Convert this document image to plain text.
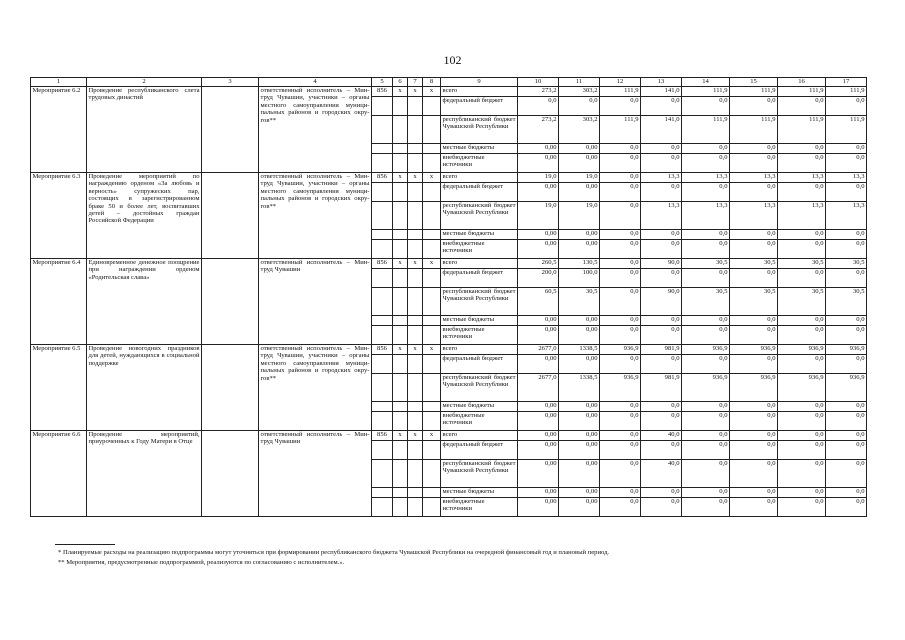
102
1	2	3	4	5	6	7	8	9	10	11	12	13	14	15	16	17
Мероприятие 6.2	Проведение республиканского слета трудовых династий		ответственный исполнитель – Минтруд Чувашии, участники – органы местного самоуправления муниципальных районов и городских округов**	856	x	x	x	всего	273,2	303,2	111,9	141,0	111,9	111,9	111,9	111,9
								федеральный бюджет	0,0	0,0	0,0	0,0	0,0	0,0	0,0	0,0
								республиканский бюджет Чувашской Республики	273,2	303,2	111,9	141,0	111,9	111,9	111,9	111,9
								местные бюджеты	0,00	0,00	0,0	0,0	0,0	0,0	0,0	0,0
								внебюджетные источники	0,00	0,00	0,0	0,0	0,0	0,0	0,0	0,0
Мероприятие 6.3	Проведение мероприятий по награждению орденом «За любовь и верность» супружеских пар, состоящих в зарегистрированном браке 50 и более лет, воспитавших детей – достойных граждан Российской Федерации		ответственный исполнитель – Минтруд Чувашии, участники – органы местного самоуправления муниципальных районов и городских округов**	856	x	x	x	всего	19,0	19,0	0,0	13,3	13,3	13,3	13,3	13,3
								федеральный бюджет	0,00	0,00	0,0	0,0	0,0	0,0	0,0	0,0
								республиканский бюджет Чувашской Республики	19,0	19,0	0,0	13,3	13,3	13,3	13,3	13,3
								местные бюджеты	0,00	0,00	0,0	0,0	0,0	0,0	0,0	0,0
								внебюджетные источники	0,00	0,00	0,0	0,0	0,0	0,0	0,0	0,0
Мероприятие 6.4	Единовременное денежное поощрение при награждении орденом «Родительская слава»		ответственный исполнитель – Минтруд Чувашии	856	x	x	x	всего	260,5	130,5	0,0	90,0	30,5	30,5	30,5	30,5
								федеральный бюджет	200,0	100,0	0,0	0,0	0,0	0,0	0,0	0,0
								республиканский бюджет Чувашской Республики	60,5	30,5	0,0	90,0	30,5	30,5	30,5	30,5
								местные бюджеты	0,00	0,00	0,0	0,0	0,0	0,0	0,0	0,0
								внебюджетные источники	0,00	0,00	0,0	0,0	0,0	0,0	0,0	0,0
Мероприятие 6.5	Проведение новогодних праздников для детей, нуждающихся в социальной поддержке		ответственный исполнитель – Минтруд Чувашии, участники – органы местного самоуправления муниципальных районов и городских округов**	856	x	x	x	всего	2677,0	1338,5	936,9	981,9	936,9	936,9	936,9	936,9
								федеральный бюджет	0,00	0,00	0,0	0,0	0,0	0,0	0,0	0,0
								республиканский бюджет Чувашской Республики	2677,0	1338,5	936,9	981,9	936,9	936,9	936,9	936,9
								местные бюджеты	0,00	0,00	0,0	0,0	0,0	0,0	0,0	0,0
								внебюджетные источники	0,00	0,00	0,0	0,0	0,0	0,0	0,0	0,0
Мероприятие 6.6	Проведение мероприятий, приуроченных к Году Матери в Отце		ответственный исполнитель – Минтруд Чувашии	856	x	x	x	всего	0,00	0,00	0,0	40,0	0,0	0,0	0,0	0,0
								федеральный бюджет	0,00	0,00	0,0	0,0	0,0	0,0	0,0	0,0
								республиканский бюджет Чувашской Республики	0,00	0,00	0,0	40,0	0,0	0,0	0,0	0,0
								местные бюджеты	0,00	0,00	0,0	0,0	0,0	0,0	0,0	0,0
								внебюджетные источники	0,00	0,00	0,0	0,0	0,0	0,0	0,0	0,0
* Планируемые расходы на реализацию подпрограммы могут уточняться при формировании республиканского бюджета Чувашской Республики на очередной финансовый год и плановый период.
** Мероприятия, предусмотренные подпрограммой, реализуются по согласованию с исполнителем.».
